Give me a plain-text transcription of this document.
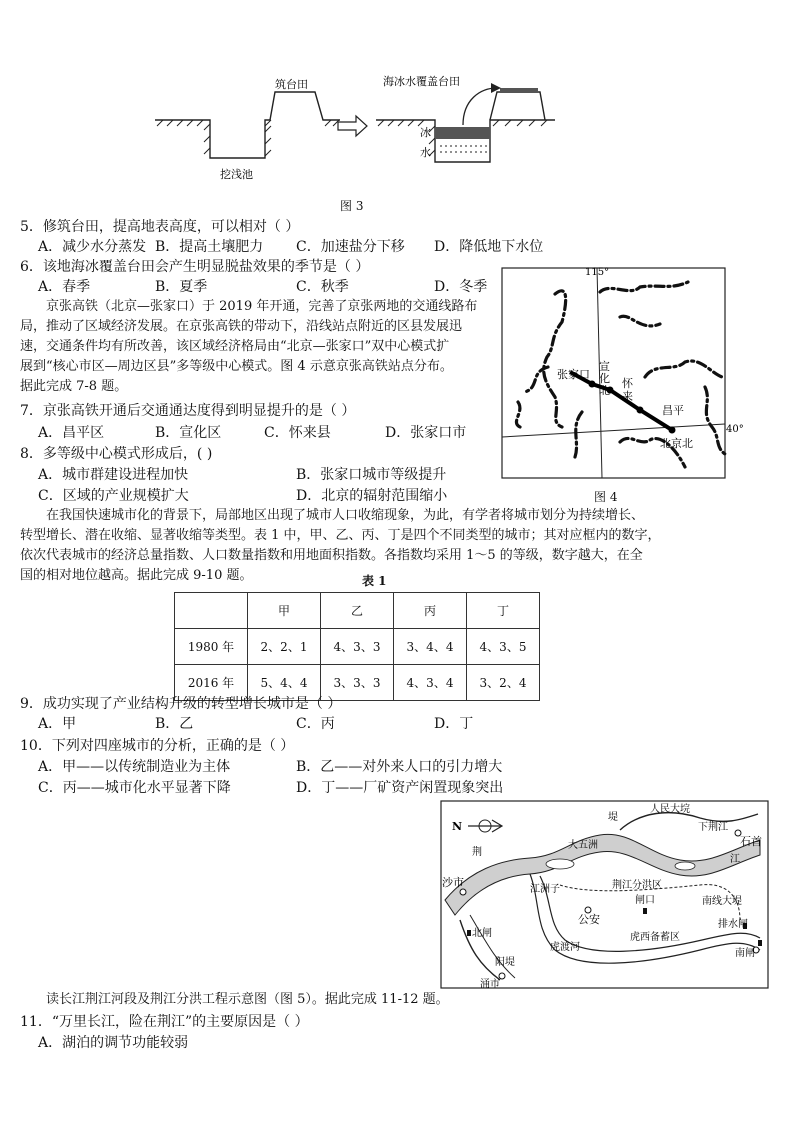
筑台田
挖浅池
海冰水覆盖台田
冰
水
图 3
5．修筑台田，提高地表高度，可以相对（ ）
A．减少水分蒸发 B．提高土壤肥力 C．加速盐分下移 D．降低地下水位
6．该地海冰覆盖台田会产生明显脱盐效果的季节是（ ）
A．春季	B．夏季	C．秋季	D．冬季
京张高铁（北京—张家口）于 2019 年开通，完善了京张两地的交通线路布
局，推动了区域经济发展。在京张高铁的带动下，沿线站点附近的区县发展迅
速，交通条件均有所改善，该区域经济格局由“北京—张家口”双中心模式扩
展到“核心市区—周边区县”多等级中心模式。图 4 示意京张高铁站点分布。
据此完成 7-8 题。
115°
40°
张家口
宣
化
北
怀
来
昌平
北京北
图 4
7．京张高铁开通后交通通达度得到明显提升的是（ ）
A．昌平区	B．宣化区	C．怀来县	D．张家口市
8．多等级中心模式形成后，( )
A．城市群建设进程加快	B．张家口城市等级提升
C．区域的产业规模扩大	D．北京的辐射范围缩小
在我国快速城市化的背景下，局部地区出现了城市人口收缩现象，为此，有学者将城市划分为持续增长、
转型增长、潜在收缩、显著收缩等类型。表 1 中，甲、乙、丙、丁是四个不同类型的城市；其对应框内的数字，
依次代表城市的经济总量指数、人口数量指数和用地面积指数。各指数均采用 1～5 的等级，数字越大，在全
国的相对地位越高。据此完成 9-10 题。	表 1
	甲	乙	丙	丁
1980 年	2、2、1	4、3、3	3、4、4	4、3、5
2016 年	5、4、4	3、3、3	4、3、4	3、2、4
9．成功实现了产业结构升级的转型增长城市是（ ）
A．甲	B．乙	C．丙	D．丁
10．下列对四座城市的分析，正确的是（ ）
A．甲——以传统制造业为主体	B．乙——对外来人口的引力增大
C．丙——城市化水平显著下降	D．丁——厂矿资产闲置现象突出
N
石首
沙市
公安
北闸
闸口
排水闸
南闸
涌市
荆
人民大垸
大五洲
下荆江
江
江洲子	荆江分洪区
南线大堤
虎渡河
虎西备蓄区
阳堤
堤
读长江荆江河段及荆江分洪工程示意图（图 5）。据此完成 11-12 题。
11．“万里长江，险在荆江”的主要原因是（ ）
A．湖泊的调节功能较弱
